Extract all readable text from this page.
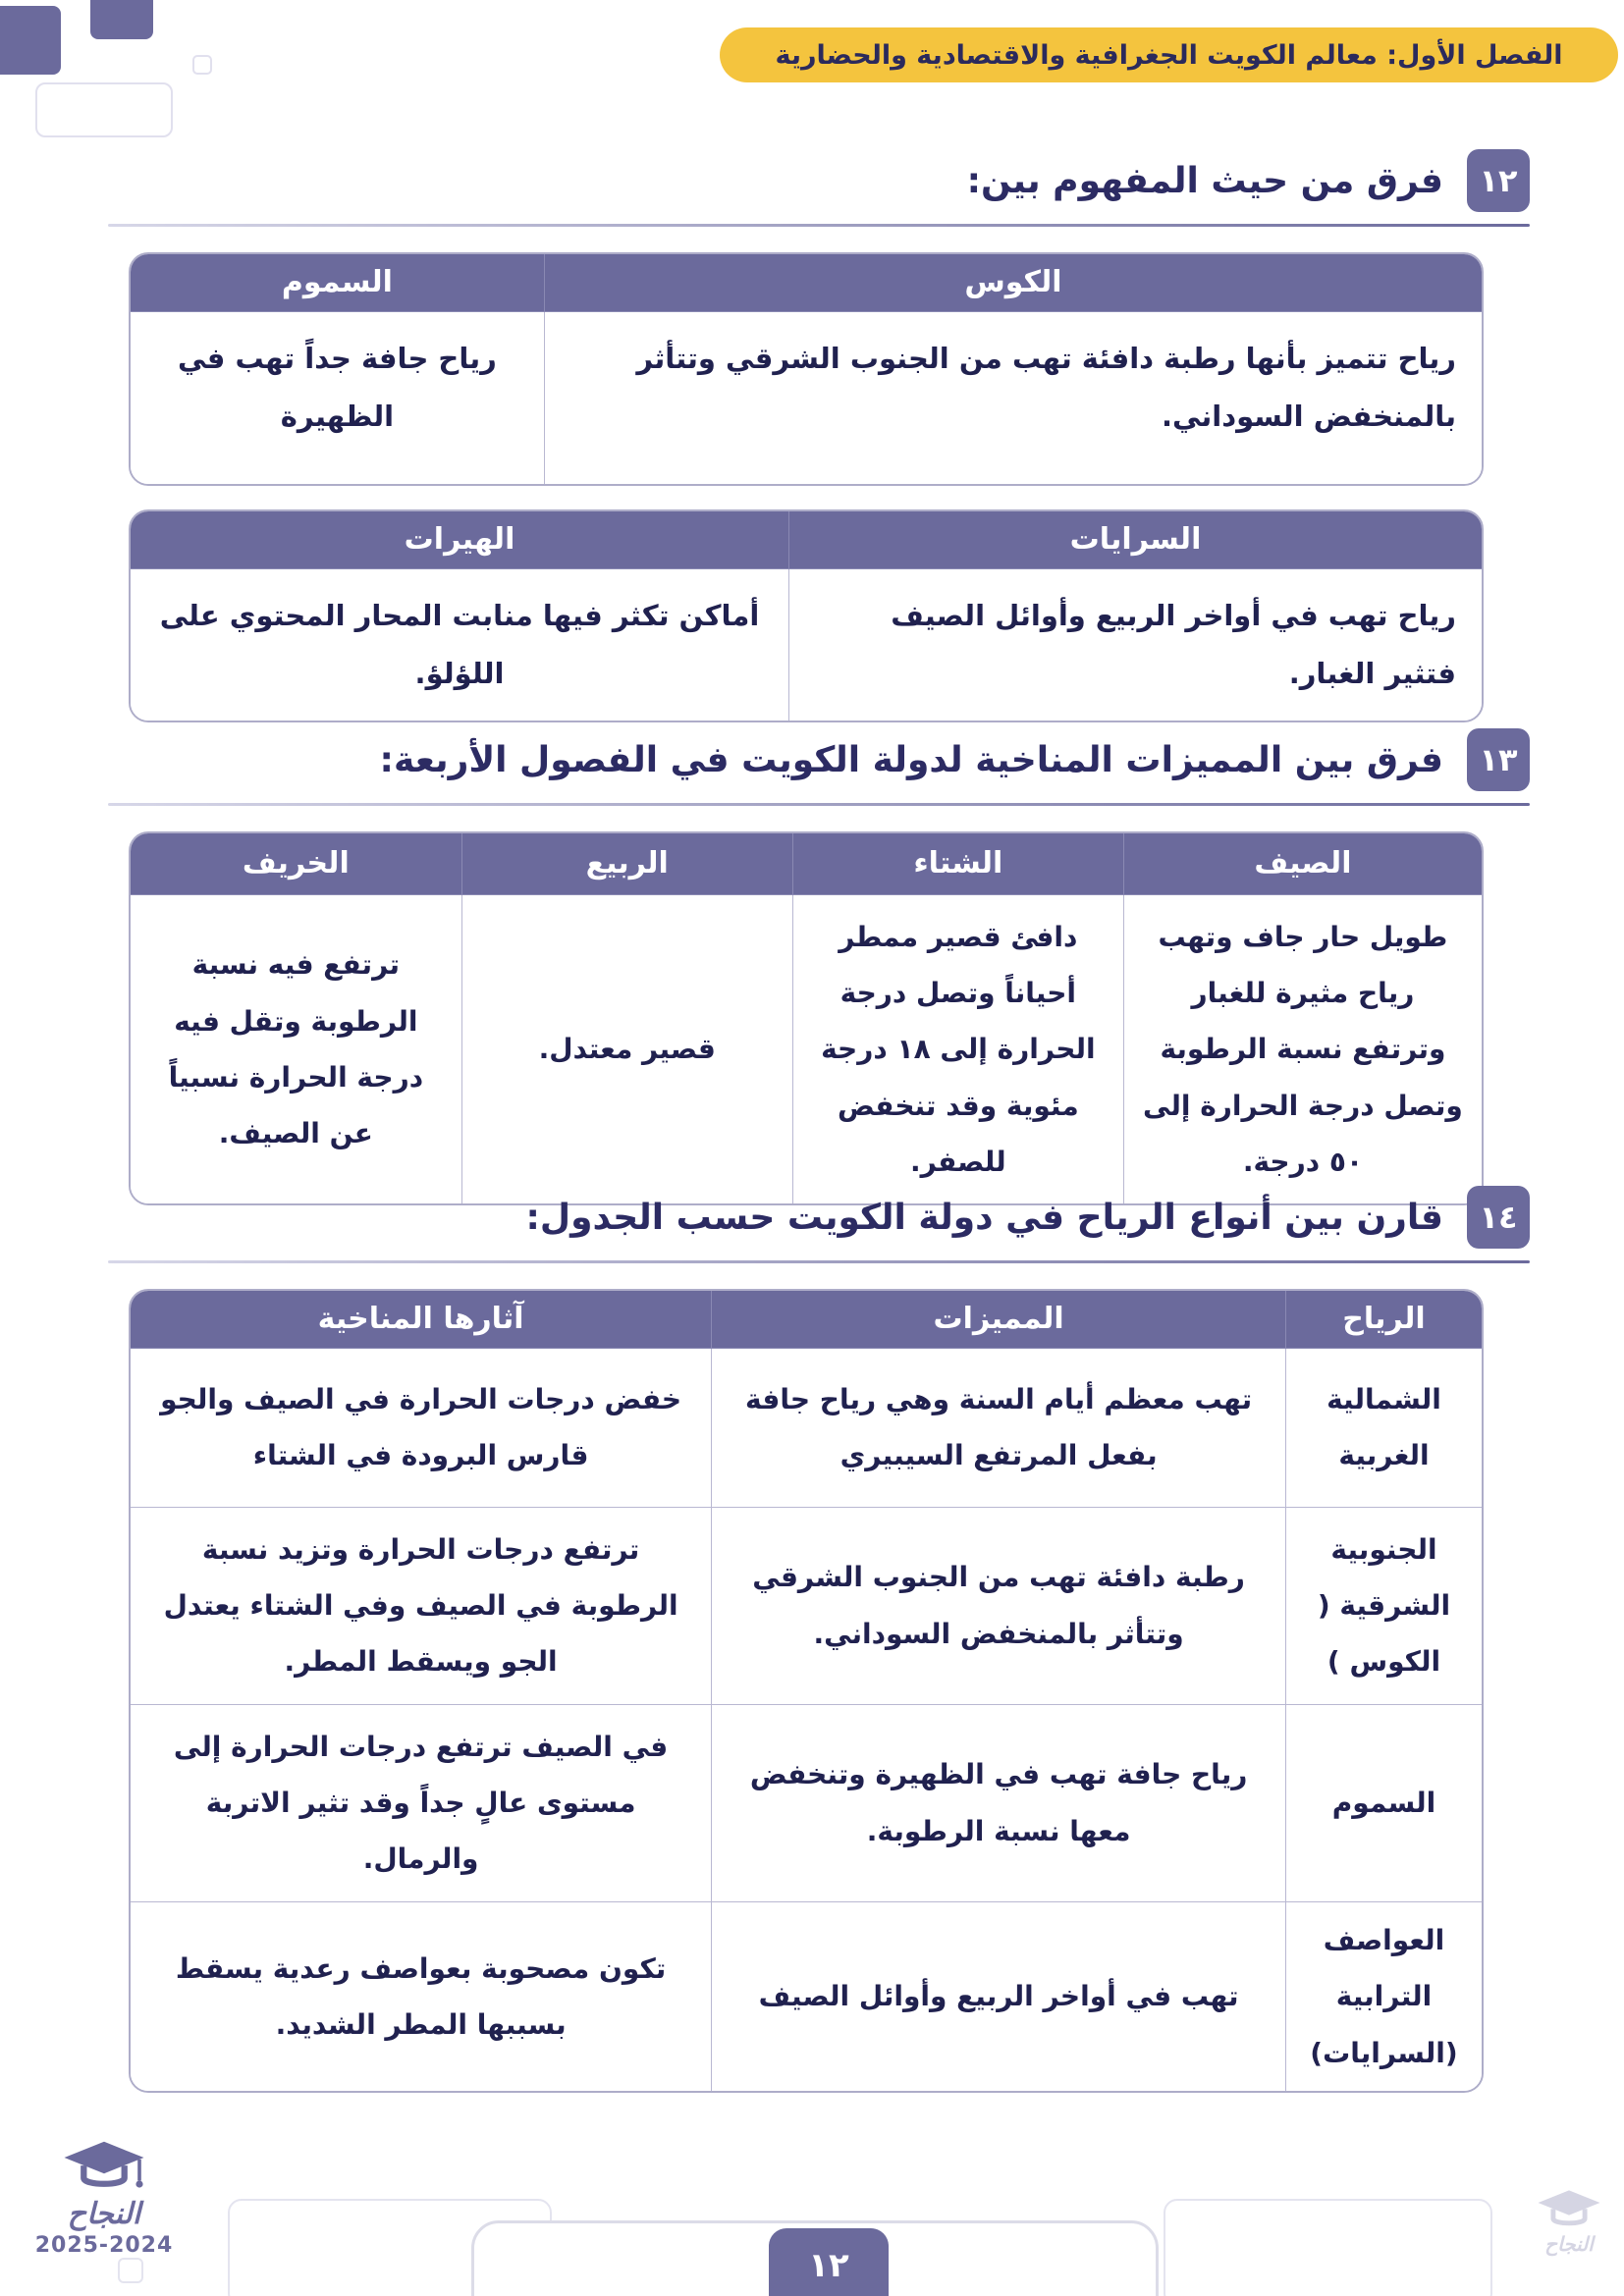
الفصل الأول: معالم الكويت الجغرافية والاقتصادية والحضارية
١٢
فرق من حيث المفهوم بين:
الكوس	السموم
رياح تتميز بأنها رطبة دافئة تهب من الجنوب الشرقي وتتأثر بالمنخفض السوداني.	رياح جافة جداً تهب في الظهيرة
السرايات	الهيرات
رياح تهب في أواخر الربيع وأوائل الصيف فتثير الغبار.	أماكن تكثر فيها منابت المحار المحتوي على اللؤلؤ.
١٣
فرق بين المميزات المناخية لدولة الكويت في الفصول الأربعة:
الصيف	الشتاء	الربيع	الخريف
طويل حار جاف وتهب رياح مثيرة للغبار وترتفع نسبة الرطوبة وتصل درجة الحرارة إلى ٥٠ درجة.	دافئ قصير ممطر أحياناً وتصل درجة الحرارة إلى ١٨ درجة مئوية وقد تنخفض للصفر.	قصير معتدل.	ترتفع فيه نسبة الرطوبة وتقل فيه درجة الحرارة نسبياً عن الصيف.
١٤
قارن بين أنواع الرياح في دولة الكويت حسب الجدول:
الرياح	المميزات	آثارها المناخية
الشمالية الغربية	تهب معظم أيام السنة وهي رياح جافة بفعل المرتفع السيبيري	خفض درجات الحرارة في الصيف والجو قارس البرودة في الشتاء
الجنوبية الشرقية ( الكوس )	رطبة دافئة تهب من الجنوب الشرقي وتتأثر بالمنخفض السوداني.	ترتفع درجات الحرارة وتزيد نسبة الرطوبة في الصيف وفي الشتاء يعتدل الجو ويسقط المطر.
السموم	رياح جافة تهب في الظهيرة وتنخفض معها نسبة الرطوبة.	في الصيف ترتفع درجات الحرارة إلى مستوى عالٍ جداً وقد تثير الاتربة والرمال.
العواصف الترابية (السرايات)	تهب في أواخر الربيع وأوائل الصيف	تكون مصحوبة بعواصف رعدية يسقط بسببها المطر الشديد.
١٢
النجاح
2025-2024	النجاح
